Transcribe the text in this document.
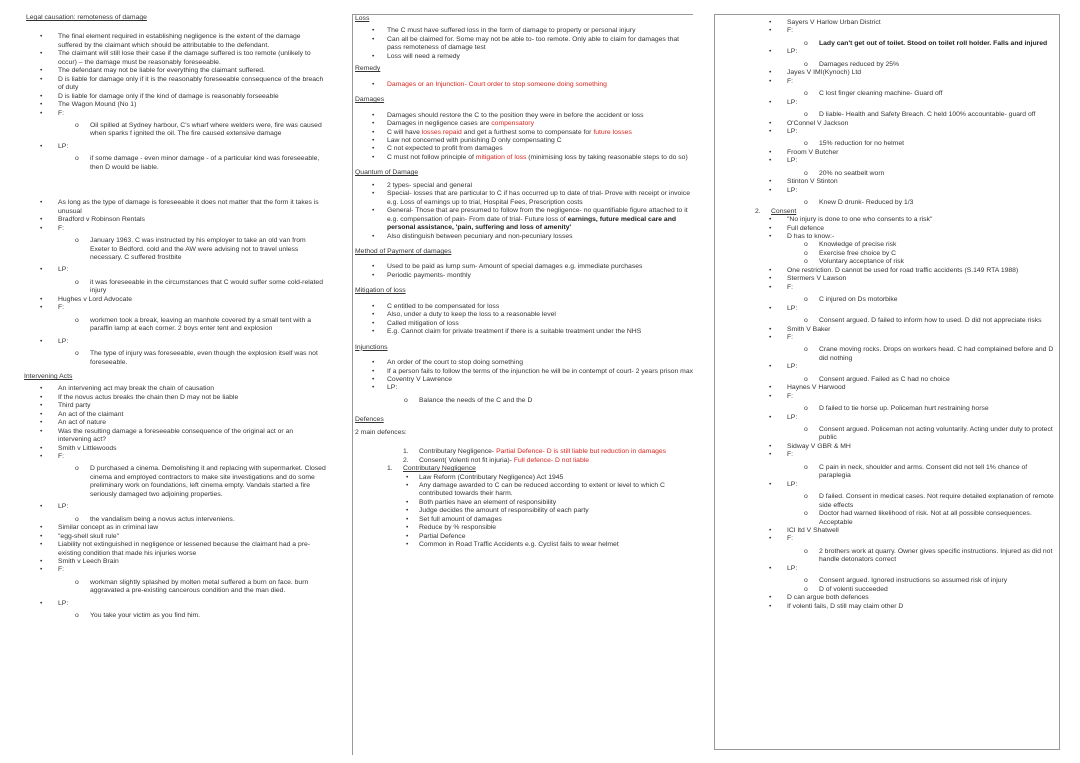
Legal causation: remoteness of damage
• The final element required in establishing negligence is the extent of the damage suffered by the claimant which should be attributable to the defendant.
• The claimant will still lose their case if the damage suffered is too remote (unlikely to occur) – the damage must be reasonably foreseeable.
• The defendant may not be liable for everything the claimant suffered.
• D is liable for damage only if it is the reasonably foreseeable consequence of the breach of duty
• D is liable for damage only if the kind of damage is reasonably forseeable
• The Wagon Mound (No 1)
• F:
o Oil spilled at Sydney harbour, C's wharf where welders were, fire was caused when sparks f ignited the oil. The fire caused extensive damage
• LP:
o if some damage - even minor damage - of a particular kind was foreseeable, then D would be liable.
• As long as the type of damage is foreseeable it does not matter that the form it takes is unusual
• Bradford v Robinson Rentals
• F:
o January 1963. C was instructed by his employer to take an old van from Exeter to Bedford. cold and the AW were advising not to travel unless necessary. C suffered frostbite
• LP:
o it was foreseeable in the circumstances that C would suffer some cold-related injury
• Hughes v Lord Advocate
• F:
o workmen took a break, leaving an manhole covered by a small tent with a paraffin lamp at each corner. 2 boys enter tent and explosion
• LP:
o The type of injury was foreseeable, even though the explosion itself was not foreseeable.
Intervening Acts
• An intervening act may break the chain of causation
• If the novus actus breaks the chain then D may not be liable
• Third party
• An act of the claimant
• An act of nature
• Was the resulting damage a foreseeable consequence of the original act or an intervening act?
• Smith v Littlewoods
• F:
o D purchased a cinema. Demolishing it and replacing with supermarket. Closed cinema and employed contractors to make site investigations and do some preliminary work on foundations, left cinema empty. Vandals started a fire seriously damaged two adjoining properties.
• LP:
o the vandalism being a novus actus interveniens.
• Similar concept as in criminal law
• "egg-shell skull rule"
• Liability not extinguished in negligence or lessened because the claimant had a pre-existing condition that made his injuries worse
• Smith v Leech Brain
• F:
o workman slightly splashed by molten metal suffered a burn on face. burn aggravated a pre-existing cancerous condition and the man died.
• LP:
o You take your victim as you find him.
Loss
• The C must have suffered loss in the form of damage to property or personal injury
• Can all be claimed for. Some may not be able to- too remote. Only able to claim for damages that pass remoteness of damage test
• Loss will need a remedy
Remedy
• Damages or an Injunction- Court order to stop someone doing something
Damages
• Damages should restore the C to the position they were in before the accident or loss
• Damages in negligence cases are compensatory
• C will have losses repaid and get a furthest some to compensate for future losses
• Law not concerned with punishing D only compensating C
• C not expected to profit from damages
• C must not follow principle of mitigation of loss (minimising loss by taking reasonable steps to do so)
Quantum of Damage
• 2 types- special and general
• Special- losses that are particular to C if has occurred up to date of trial- Prove with receipt or invoice e.g. Loss of earnings up to trial, Hospital Fees, Prescription costs
• General- Those that are presumed to follow from the negligence- no quantifiable figure attached to it e.g. compensation of pain- From date of trial- Future loss of earnings, future medical care and personal assistance, 'pain, suffering and loss of amenity'
• Also distinguish between pecuniary and non-pecuniary losses
Method of Payment of damages
• Used to be paid as lump sum- Amount of special damages e.g. immediate purchases
• Periodic payments- monthly
Mitigation of loss
• C entitled to be compensated for loss
• Also, under a duty to keep the loss to a reasonable level
• Called mitigation of loss
• E.g. Cannot claim for private treatment if there is a suitable treatment under the NHS
Injunctions
• An order of the court to stop doing something
• If a person fails to follow the terms of the injunction he will be in contempt of court- 2 years prison max
• Coventry V Lawrence
• LP:
o Balance the needs of the C and the D
Defences
2 main defences:
1. Contributary Negligence- Partial Defence- D is still liable but reduction in damages
2. Consent( Volenti not fit injuria)- Full defence- D not liable
1. Contributary Negligence
• Law Reform (Contributary Negligence) Act 1945
• Any damage awarded to C can be reduced according to extent or level to which C contributed towards their harm.
• Both parties have an element of responsibility
• Judge decides the amount of responsibility of each party
• Set full amount of damages
• Reduce by % responsible
• Partial Defence
• Common in Road Traffic Accidents e.g. Cyclist fails to wear helmet
• Sayers V Harlow Urban District
• F:
o Lady can't get out of toilet. Stood on toilet roll holder. Falls and injured
• LP:
o Damages reduced by 25%
• Jayes V IMI(Kynoch) Ltd
• F:
o C lost finger cleaning machine- Guard off
• LP:
o D liable- Health and Safety Breach. C held 100% accountable- guard off
• O'Connel V Jackson
• LP:
o 15% reduction for no helmet
• Froom V Butcher
• LP:
o 20% no seatbelt worn
• Stinton V Stinton
• LP:
o Knew D drunk- Reduced by 1/3
2. Consent
• "No injury is done to one who consents to a risk"
• Full defence
• D has to know:-
o Knowledge of precise risk
o Exercise free choice by C
o Voluntary acceptance of risk
• One restriction. D cannot be used for road traffic accidents (S.149 RTA 1988)
• Stermers V Lawson
• F:
o C injured on Ds motorbike
• LP:
o Consent argued. D failed to inform how to used. D did not appreciate risks
• Smith V Baker
• F:
o Crane moving rocks. Drops on workers head. C had complained before and D did nothing
• LP:
o Consent argued. Failed as C had no choice
• Haynes V Harwood
• F:
o D failed to tie horse up. Policeman hurt restraining horse
• LP:
o Consent argued. Policeman not acting voluntarily. Acting under duty to protect public
• Sidway V GBR & MH
• F:
o C pain in neck, shoulder and arms. Consent did not tell 1% chance of paraplegia
• LP:
o D failed. Consent in medical cases. Not require detailed explanation of remote side effects
o Doctor had warned likelihood of risk. Not at all possible consequences. Acceptable
• ICI ltd V Shatwell
• F:
o 2 brothers work at quarry. Owner gives specific instructions. Injured as did not handle detonators correct
• LP:
o Consent argued. Ignored instructions so assumed risk of injury
o D of volenti succeeded
• D can argue both defences
• If volenti fails, D still may claim other D
